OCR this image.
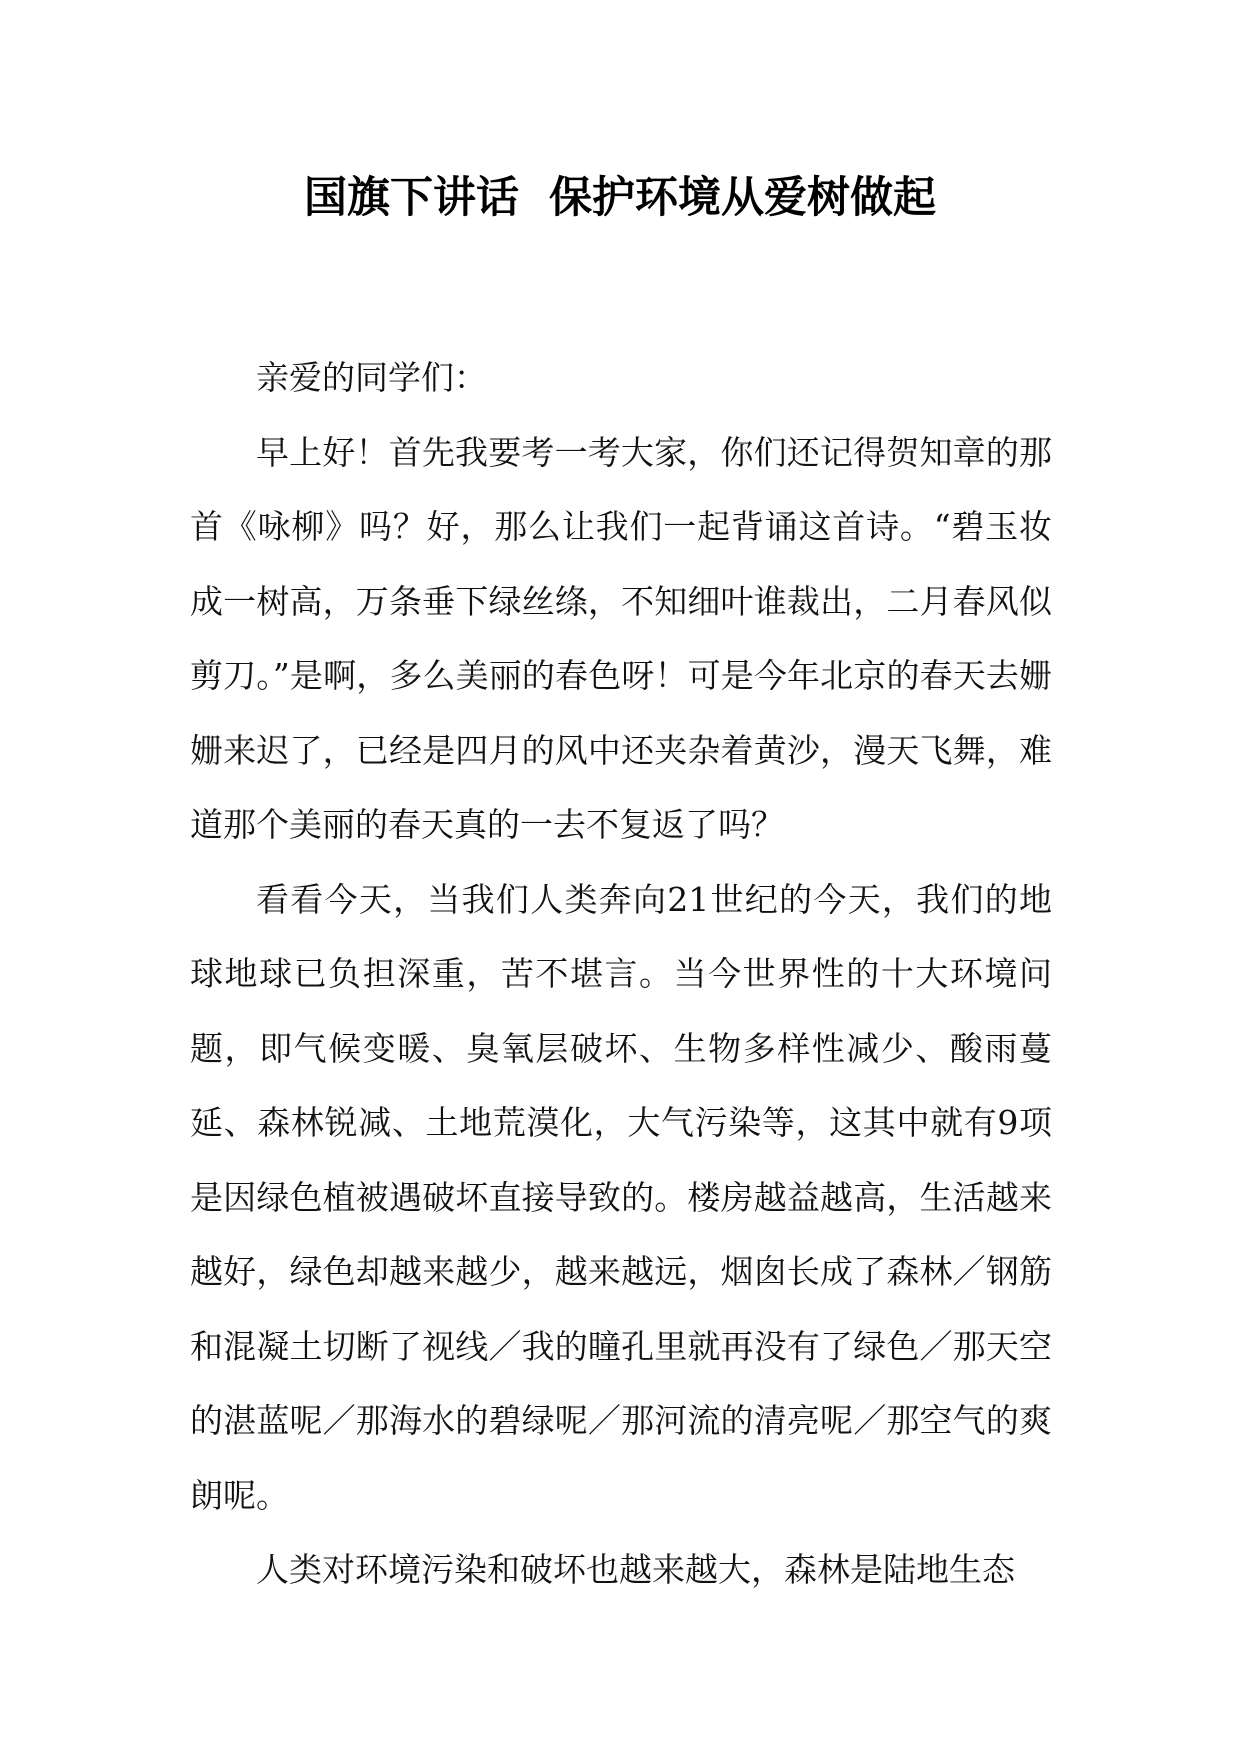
国旗下讲话  保护环境从爱树做起

亲爱的同学们：

早上好！首先我要考一考大家，你们还记得贺知章的那首《咏柳》吗？好，那么让我们一起背诵这首诗。“碧玉妆成一树高，万条垂下绿丝绦，不知细叶谁裁出，二月春风似剪刀。”是啊，多么美丽的春色呀！可是今年北京的春天去姗姗来迟了，已经是四月的风中还夹杂着黄沙，漫天飞舞，难道那个美丽的春天真的一去不复返了吗？

看看今天，当我们人类奔向21世纪的今天，我们的地球地球已负担深重，苦不堪言。当今世界性的十大环境问题，即气候变暖、臭氧层破坏、生物多样性减少、酸雨蔓延、森林锐减、土地荒漠化，大气污染等，这其中就有9项是因绿色植被遇破坏直接导致的。楼房越益越高，生活越来越好，绿色却越来越少，越来越远，烟囱长成了森林／钢筋和混凝土切断了视线／我的瞳孔里就再没有了绿色／那天空的湛蓝呢／那海水的碧绿呢／那河流的清亮呢／那空气的爽朗呢。

人类对环境污染和破坏也越来越大，森林是陆地生态
